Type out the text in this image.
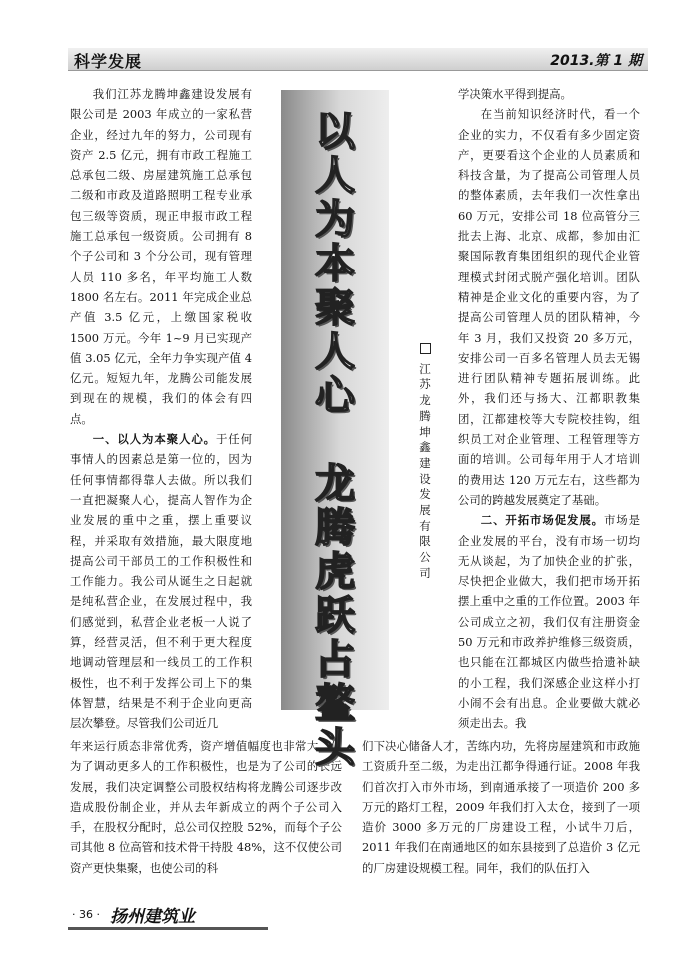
科学发展	2013.第 1 期

我们江苏龙腾坤鑫建设发展有限公司是 2003 年成立的一家私营企业，经过九年的努力，公司现有资产 2.5 亿元，拥有市政工程施工总承包二级、房屋建筑施工总承包二级和市政及道路照明工程专业承包三级等资质，现正申报市政工程施工总承包一级资质。公司拥有 8 个子公司和 3 个分公司，现有管理人员 110 多名，年平均施工人数 1800 名左右。2011 年完成企业总产值 3.5 亿元，上缴国家税收 1500 万元。今年 1~9 月已实现产值 3.05 亿元，全年力争实现产值 4 亿元。短短九年，龙腾公司能发展到现在的规模，我们的体会有四点。

一、以人为本聚人心。于任何事情人的因素总是第一位的，因为任何事情都得靠人去做。所以我们一直把凝聚人心，提高人智作为企业发展的重中之重，摆上重要议程，并采取有效措施，最大限度地提高公司干部员工的工作积极性和工作能力。我公司从诞生之日起就是纯私营企业，在发展过程中，我们感觉到，私营企业老板一人说了算，经营灵活，但不利于更大程度地调动管理层和一线员工的工作积极性，也不利于发挥公司上下的集体智慧，结果是不利于企业向更高层次攀登。尽管我们公司近几

年来运行质态非常优秀，资产增值幅度也非常大，但为了调动更多人的工作积极性，也是为了公司的长远发展，我们决定调整公司股权结构将龙腾公司逐步改造成股份制企业，并从去年新成立的两个子公司入手，在股权分配时，总公司仅控股 52%，而每个子公司其他 8 位高管和技术骨干持股 48%，这不仅使公司资产更快集聚，也使公司的科

以
人
为
本
聚
人
心
龙
腾
虎
跃
占
鳌
头

江
苏
龙
腾
坤
鑫
建
设
发
展
有
限
公
司

学决策水平得到提高。

在当前知识经济时代，看一个企业的实力，不仅看有多少固定资产，更要看这个企业的人员素质和科技含量，为了提高公司管理人员的整体素质，去年我们一次性拿出 60 万元，安排公司 18 位高管分三批去上海、北京、成都，参加由汇聚国际教育集团组织的现代企业管理模式封闭式脱产强化培训。团队精神是企业文化的重要内容，为了提高公司管理人员的团队精神，今年 3 月，我们又投资 20 多万元，安排公司一百多名管理人员去无锡进行团队精神专题拓展训练。此外，我们还与扬大、江都职教集团，江都建校等大专院校挂钩，组织员工对企业管理、工程管理等方面的培训。公司每年用于人才培训的费用达 120 万元左右，这些都为公司的跨越发展奠定了基础。

二、开拓市场促发展。市场是企业发展的平台，没有市场一切均无从谈起，为了加快企业的扩张，尽快把企业做大，我们把市场开拓摆上重中之重的工作位置。2003 年公司成立之初，我们仅有注册资金 50 万元和市政养护维修三级资质，也只能在江都城区内做些拾遗补缺的小工程，我们深感企业这样小打小闹不会有出息。企业要做大就必须走出去。我

们下决心储备人才，苦练内功，先将房屋建筑和市政施工资质升至二级，为走出江都争得通行证。2008 年我们首次打入市外市场，到南通承接了一项造价 200 多万元的路灯工程，2009 年我们打入太仓，接到了一项造价 3000 多万元的厂房建设工程，小试牛刀后，2011 年我们在南通地区的如东县接到了总造价 3 亿元的厂房建设规模工程。同年，我们的队伍打入

· 36 · 扬州建筑业
